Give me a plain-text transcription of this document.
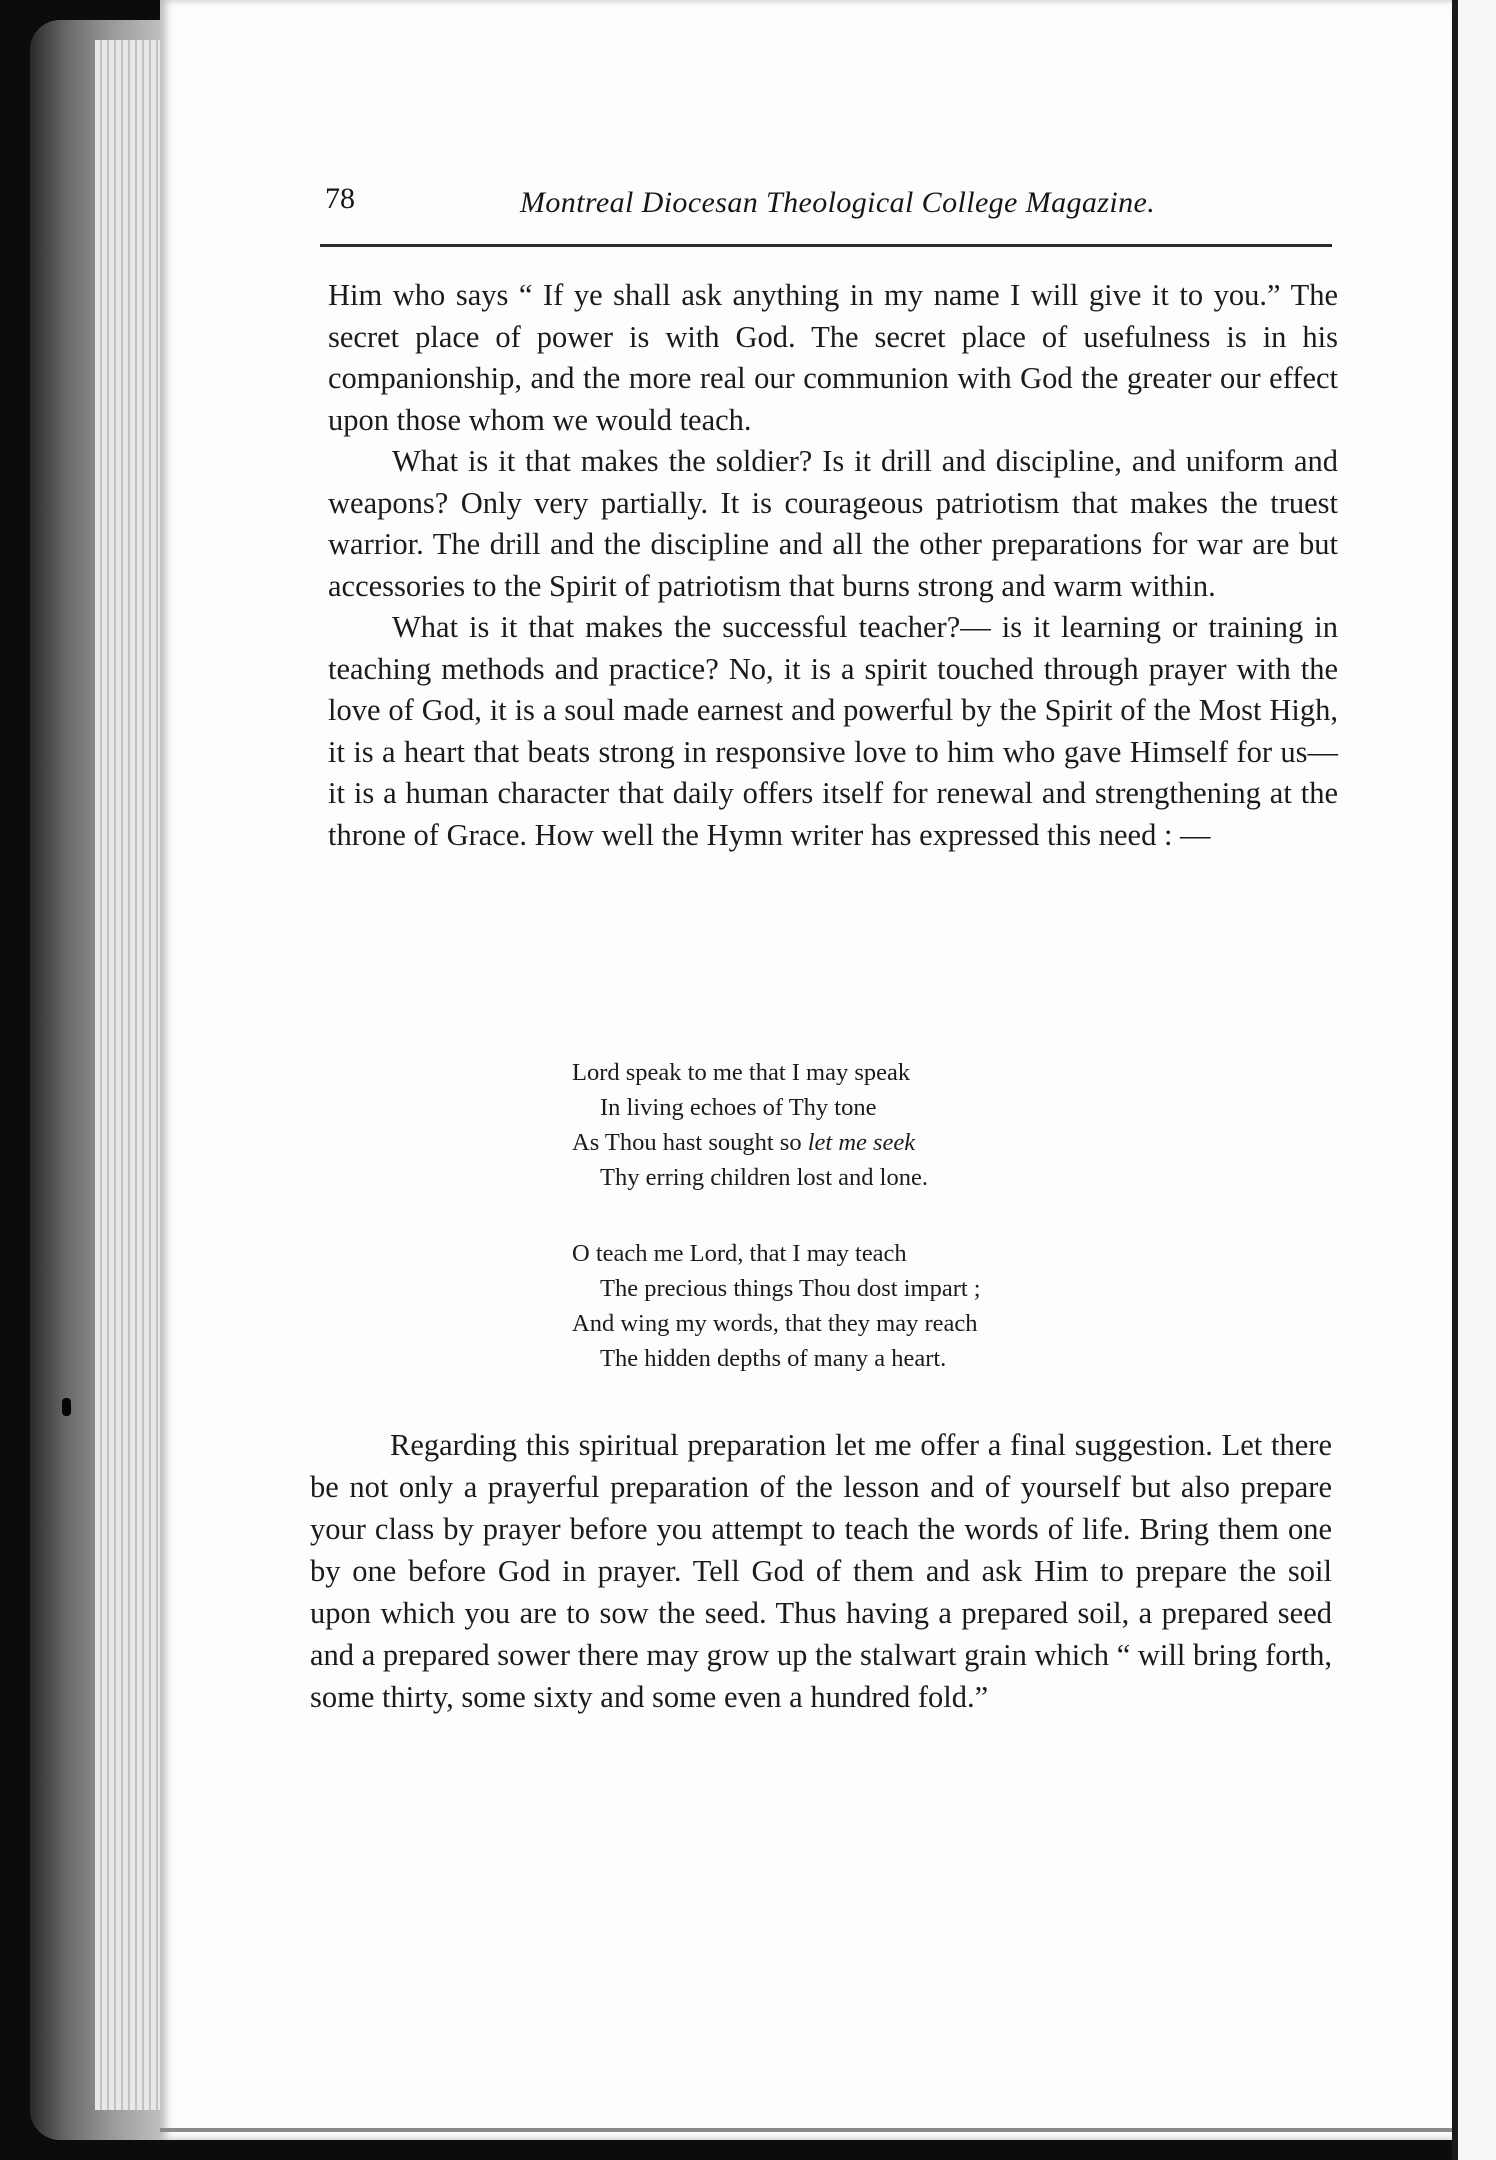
78	Montreal Diocesan Theological College Magazine.

Him who says “ If ye shall ask anything in my name I will give it to you.” The secret place of power is with God. The secret place of usefulness is in his companionship, and the more real our communion with God the greater our effect upon those whom we would teach.

What is it that makes the soldier? Is it drill and discipline, and uniform and weapons? Only very partially. It is courageous patriotism that makes the truest warrior. The drill and the discipline and all the other preparations for war are but accessories to the Spirit of patriotism that burns strong and warm within.

What is it that makes the successful teacher?— is it learning or training in teaching methods and practice? No, it is a spirit touched through prayer with the love of God, it is a soul made earnest and powerful by the Spirit of the Most High, it is a heart that beats strong in responsive love to him who gave Himself for us—it is a human character that daily offers itself for renewal and strengthening at the throne of Grace. How well the Hymn writer has expressed this need : —

Lord speak to me that I may speak
In living echoes of Thy tone
As Thou hast sought so let me seek
Thy erring children lost and lone.
O teach me Lord, that I may teach
The precious things Thou dost impart ;
And wing my words, that they may reach
The hidden depths of many a heart.

Regarding this spiritual preparation let me offer a final suggestion. Let there be not only a prayerful preparation of the lesson and of yourself but also prepare your class by prayer before you attempt to teach the words of life. Bring them one by one before God in prayer. Tell God of them and ask Him to prepare the soil upon which you are to sow the seed. Thus having a prepared soil, a prepared seed and a prepared sower there may grow up the stalwart grain which “ will bring forth, some thirty, some sixty and some even a hundred fold.”
